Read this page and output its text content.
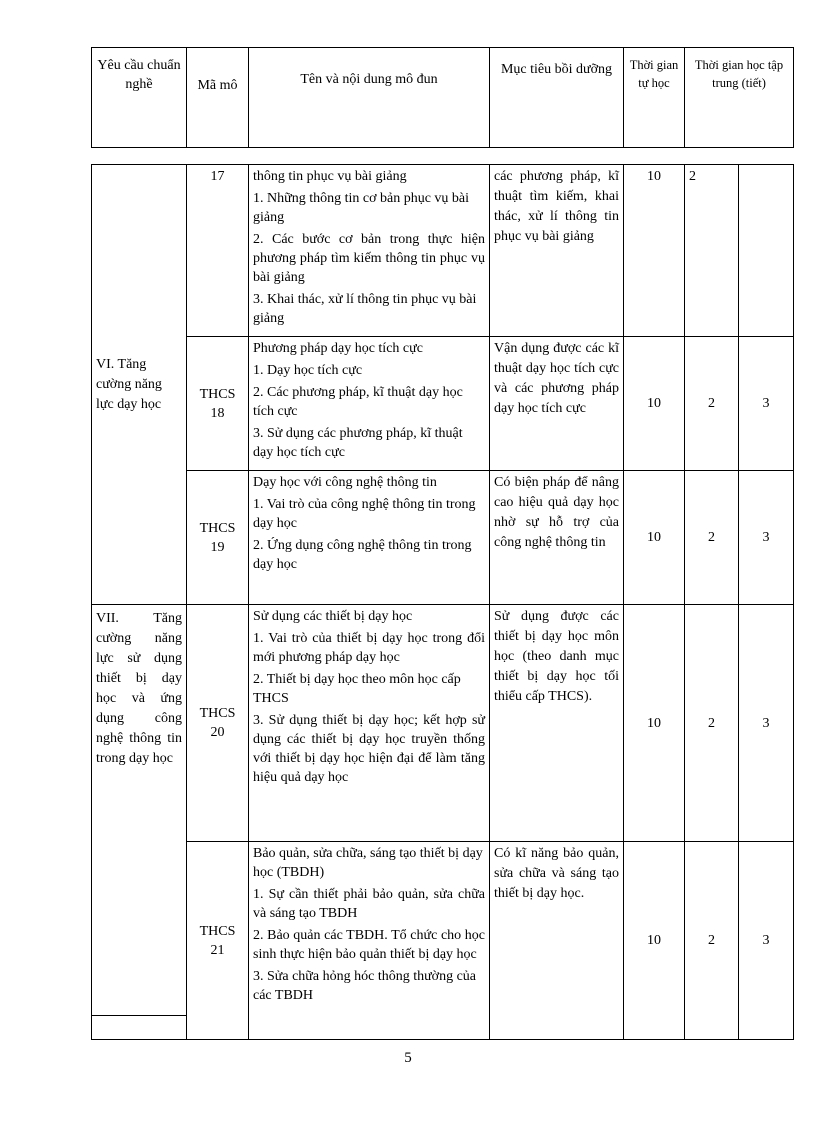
Yêu cầu chuẩn nghề	Mã mô	Tên và nội dung mô đun	Mục tiêu bồi dưỡng	Thời gian tự học	Thời gian học tập trung (tiết)
VI. Tăng cường năng lực dạy học	17	thông tin phục vụ bài giảng
1. Những thông tin cơ bản phục vụ bài giảng
2. Các bước cơ bản trong thực hiện phương pháp tìm kiếm thông tin phục vụ bài giảng
3. Khai thác, xử lí thông tin phục vụ bài giảng	các phương pháp, kĩ thuật tìm kiếm, khai thác, xử lí thông tin phục vụ bài giảng	10	2	
	THCS 18	Phương pháp dạy học tích cực
1. Dạy học tích cực
2. Các phương pháp, kĩ thuật dạy học tích cực
3. Sử dụng các phương pháp, kĩ thuật dạy học tích cực	Vận dụng được các kĩ thuật dạy học tích cực và các phương pháp dạy học tích cực	10	2	3
	THCS 19	Dạy học với công nghệ thông tin
1. Vai trò của công nghệ thông tin trong dạy học
2. Ứng dụng công nghệ thông tin trong dạy học	Có biện pháp để nâng cao hiệu quả dạy học nhờ sự hỗ trợ của công nghệ thông tin	10	2	3
VII. Tăng cường năng lực sử dụng thiết bị dạy học và ứng dụng công nghệ thông tin trong dạy học	THCS 20	Sử dụng các thiết bị dạy học
1. Vai trò của thiết bị dạy học trong đổi mới phương pháp dạy học
2. Thiết bị dạy học theo môn học cấp THCS
3. Sử dụng thiết bị dạy học; kết hợp sử dụng các thiết bị dạy học truyền thống với thiết bị dạy học hiện đại để làm tăng hiệu quả dạy học	Sử dụng được các thiết bị dạy học môn học (theo danh mục thiết bị dạy học tối thiểu cấp THCS).	10	2	3
	THCS 21	Bảo quản, sửa chữa, sáng tạo thiết bị dạy học (TBDH)
1. Sự cần thiết phải bảo quản, sửa chữa và sáng tạo TBDH
2. Bảo quản các TBDH. Tổ chức cho học sinh thực hiện bảo quản thiết bị dạy học
3. Sửa chữa hỏng hóc thông thường của các TBDH	Có kĩ năng bảo quản, sửa chữa và sáng tạo thiết bị dạy học.	10	2	3
5
